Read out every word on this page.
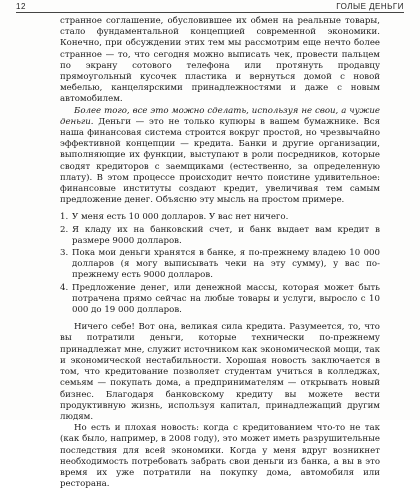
12	ГОЛЫЕ ДЕНЬГИ

странное соглашение, обусловившее их обмен на реальные товары, стало фундаментальной концепцией современной экономики. Конечно, при обсуждении этих тем мы рассмотрим еще нечто более странное — то, что сегодня можно выписать чек, провести пальцем по экрану сотового телефона или протянуть продавцу прямоугольный кусочек пластика и вернуться домой с новой мебелью, канцелярскими принадлежностями и даже с новым автомобилем.

Более того, все это можно сделать, используя не свои, а чужие деньги. Деньги — это не только купюры в вашем бумажнике. Вся наша финансовая система строится вокруг простой, но чрезвычайно эффективной концепции — кредита. Банки и другие организации, выполняющие их функции, выступают в роли посредников, которые сводят кредиторов с заемщиками (естественно, за определенную плату). В этом процессе происходит нечто поистине удивительное: финансовые институты создают кредит, увеличивая тем самым предложение денег. Объясню эту мысль на простом примере.

1. У меня есть 10 000 долларов. У вас нет ничего.
2. Я кладу их на банковский счет, и банк выдает вам кредит в размере 9000 долларов.
3. Пока мои деньги хранятся в банке, я по-прежнему владею 10 000 долларов (я могу выписывать чеки на эту сумму), у вас по-прежнему есть 9000 долларов.
4. Предложение денег, или денежной массы, которая может быть потрачена прямо сейчас на любые товары и услуги, выросло с 10 000 до 19 000 долларов.

Ничего себе! Вот она, великая сила кредита. Разумеется, то, что вы потратили деньги, которые технически по-прежнему принадлежат мне, служит источником как экономической мощи, так и экономической нестабильности. Хорошая новость заключается в том, что кредитование позволяет студентам учиться в колледжах, семьям — покупать дома, а предпринимателям — открывать новый бизнес. Благодаря банковскому кредиту вы можете вести продуктивную жизнь, используя капитал, принадлежащий другим людям.

Но есть и плохая новость: когда с кредитованием что-то не так (как было, например, в 2008 году), это может иметь разрушительные последствия для всей экономики. Когда у меня вдруг возникнет необходимость потребовать забрать свои деньги из банка, а вы в это время их уже потратили на покупку дома, автомобиля или ресторана.
